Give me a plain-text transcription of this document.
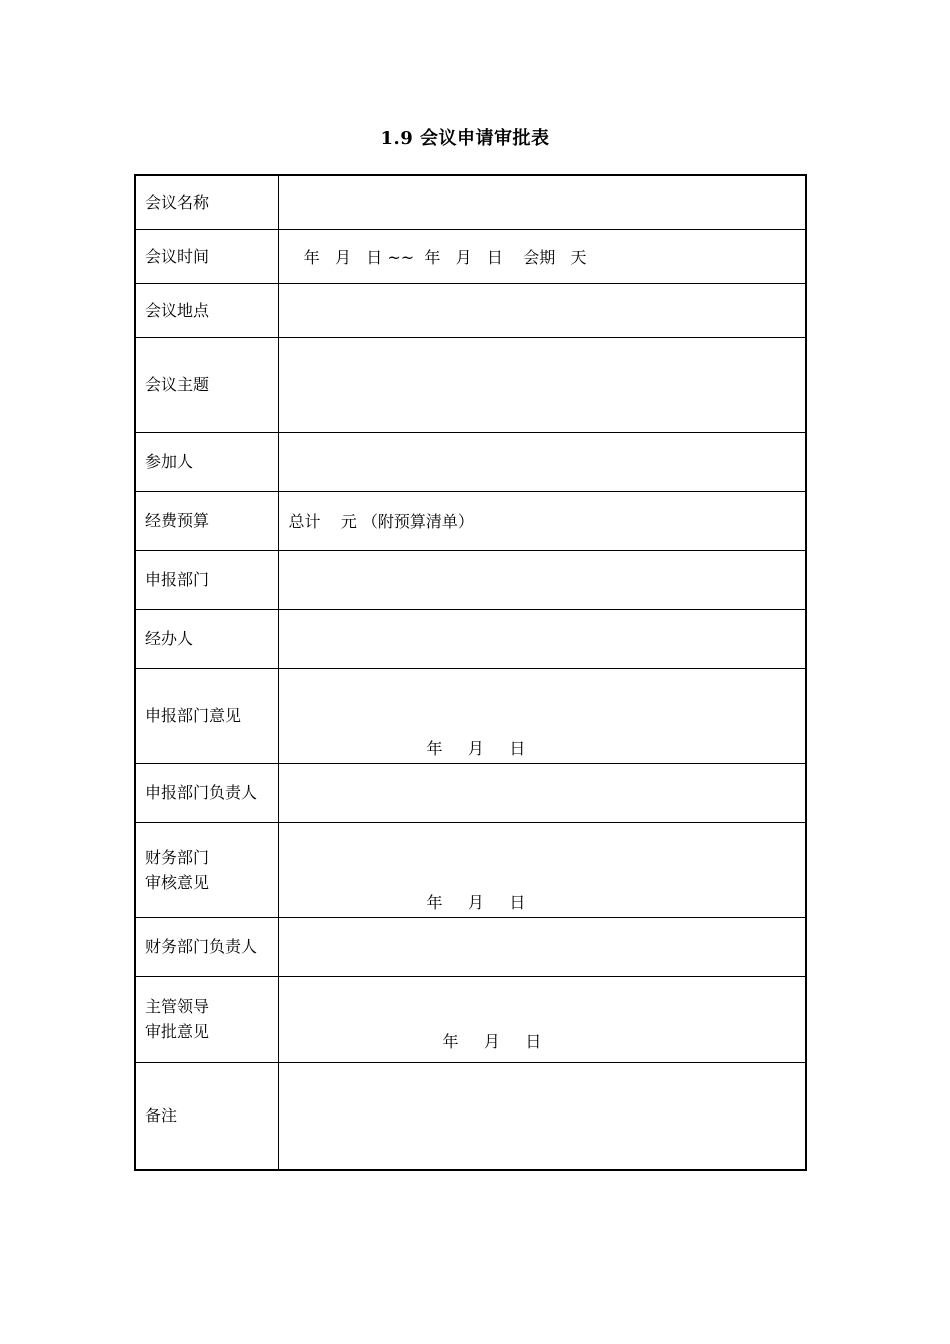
1.9 会议申请审批表
会议名称	
会议时间	年   月   日 ~~  年   月   日    会期   天
会议地点	
会议主题	
参加人	
经费预算	总计    元 （附预算清单）
申报部门	
经办人	
申报部门意见	年     月     日

申报部门负责人	

财务部门
审核意见	年     月     日

财务部门负责人	

主管领导
审批意见	年     月     日

备注	
